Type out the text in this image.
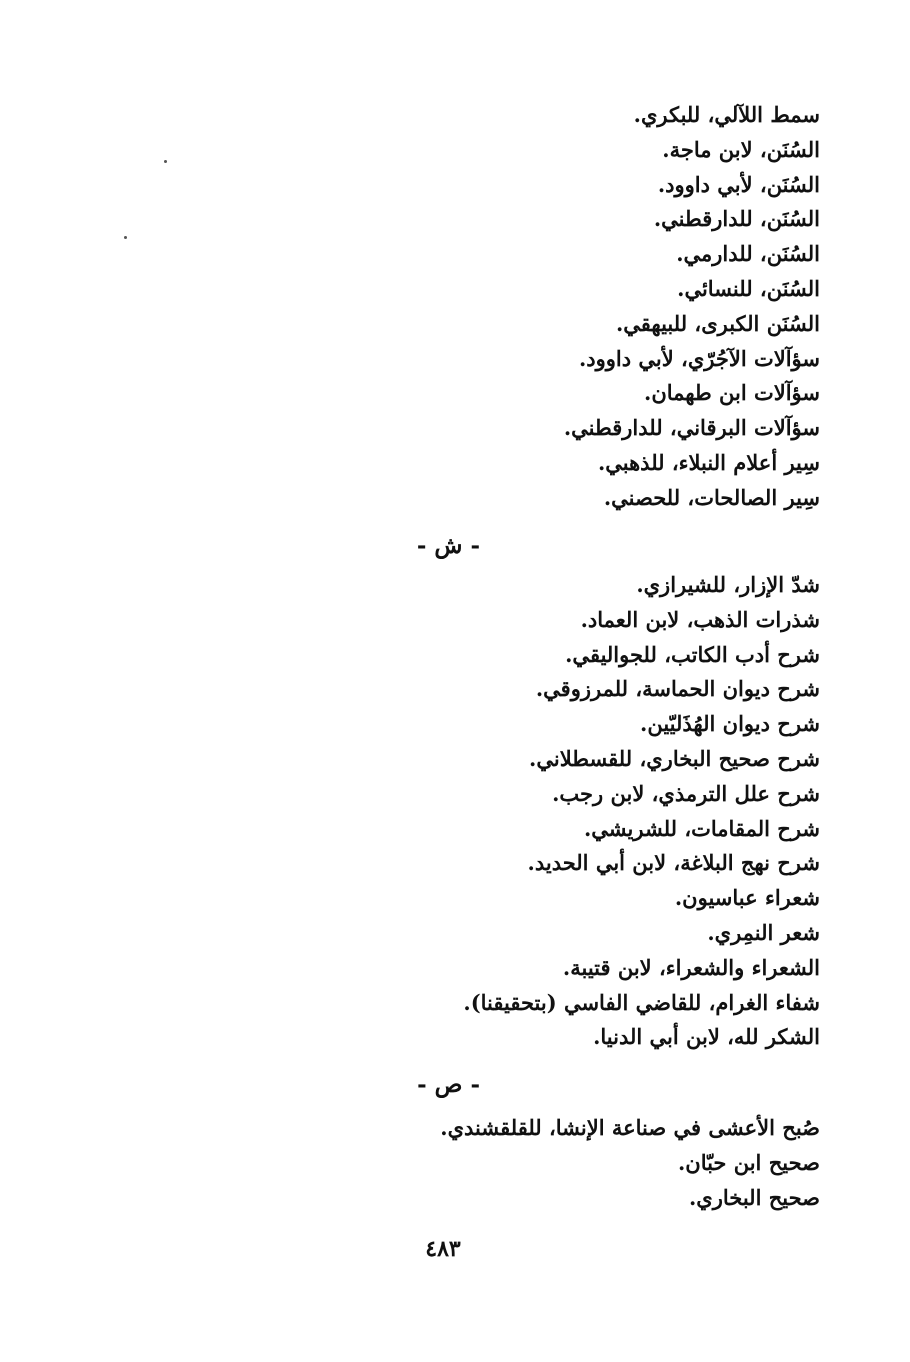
سمط اللآلي، للبكري.
السُنَن، لابن ماجة.
السُنَن، لأبي داوود.
السُنَن، للدارقطني.
السُنَن، للدارمي.
السُنَن، للنسائي.
السُنَن الكبرى، للبيهقي.
سؤآلات الآجُرّي، لأبي داوود.
سؤآلات ابن طهمان.
سؤآلات البرقاني، للدارقطني.
سِير أعلام النبلاء، للذهبي.
سِير الصالحات، للحصني.
- ش -
شدّ الإزار، للشيرازي.
شذرات الذهب، لابن العماد.
شرح أدب الكاتب، للجواليقي.
شرح ديوان الحماسة، للمرزوقي.
شرح ديوان الهُذَليّين.
شرح صحيح البخاري، للقسطلاني.
شرح علل الترمذي، لابن رجب.
شرح المقامات، للشريشي.
شرح نهج البلاغة، لابن أبي الحديد.
شعراء عباسيون.
شعر النمِري.
الشعراء والشعراء، لابن قتيبة.
شفاء الغرام، للقاضي الفاسي (بتحقيقنا).
الشكر لله، لابن أبي الدنيا.
- ص -
صُبح الأعشى في صناعة الإنشا، للقلقشندي.
صحيح ابن حبّان.
صحيح البخاري.
٤٨٣
